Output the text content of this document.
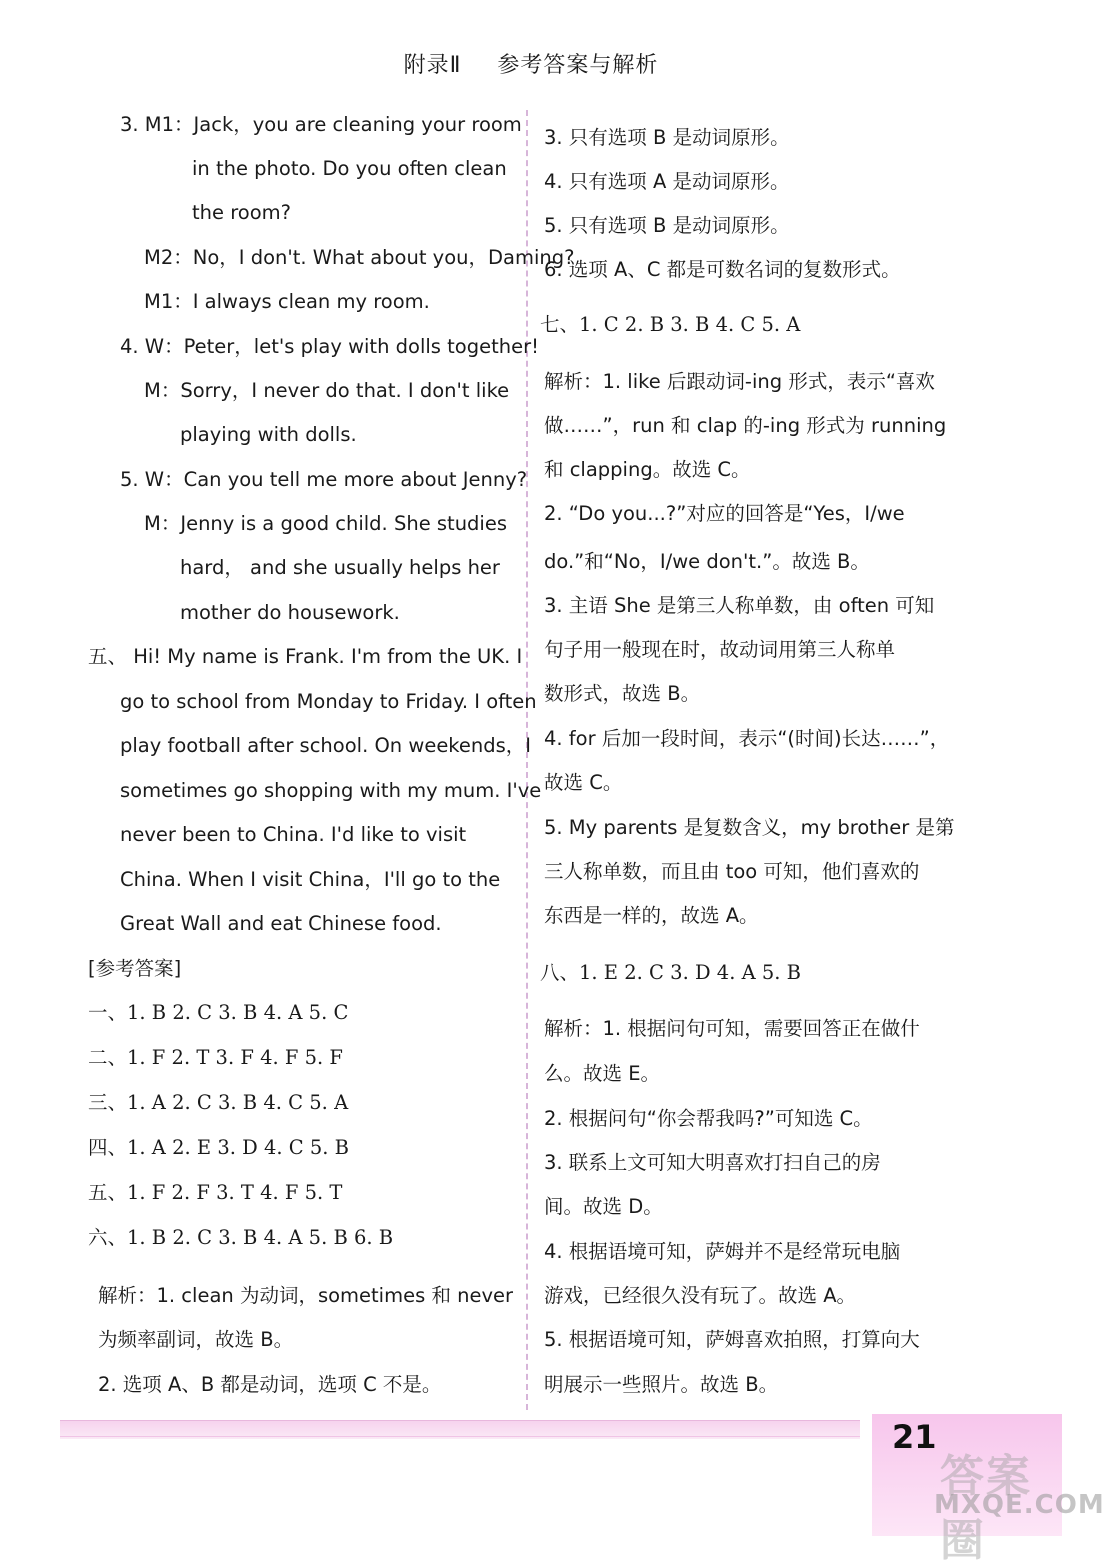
附录Ⅱ 参考答案与解析
3. M1：Jack，you are cleaning your room
in the photo. Do you often clean
the room?
M2：No，I don't. What about you，Daming?
M1：I always clean my room.
4. W：Peter，let's play with dolls together!
M：Sorry，I never do that. I don't like
playing with dolls.
5. W：Can you tell me more about Jenny?
M：Jenny is a good child. She studies
hard， and she usually helps her
mother do housework.
五、 Hi! My name is Frank. I'm from the UK. I
go to school from Monday to Friday. I often
play football after school. On weekends，I
sometimes go shopping with my mum. I've
never been to China. I'd like to visit
China. When I visit China，I'll go to the
Great Wall and eat Chinese food.
[参考答案]
一、1. B 2. C 3. B 4. A 5. C
二、1. F 2. T 3. F 4. F 5. F
三、1. A 2. C 3. B 4. C 5. A
四、1. A 2. E 3. D 4. C 5. B
五、1. F 2. F 3. T 4. F 5. T
六、1. B 2. C 3. B 4. A 5. B 6. B
解析：1. clean 为动词，sometimes 和 never
为频率副词，故选 B。
2. 选项 A、B 都是动词，选项 C 不是。
3. 只有选项 B 是动词原形。
4. 只有选项 A 是动词原形。
5. 只有选项 B 是动词原形。
6. 选项 A、C 都是可数名词的复数形式。
七、1. C 2. B 3. B 4. C 5. A
解析：1. like 后跟动词-ing 形式，表示“喜欢
做……”，run 和 clap 的-ing 形式为 running
和 clapping。故选 C。
2. “Do you...?”对应的回答是“Yes，I/we
do.”和“No，I/we don't.”。故选 B。
3. 主语 She 是第三人称单数，由 often 可知
句子用一般现在时，故动词用第三人称单
数形式，故选 B。
4. for 后加一段时间，表示“(时间)长达……”，
故选 C。
5. My parents 是复数含义，my brother 是第
三人称单数，而且由 too 可知，他们喜欢的
东西是一样的，故选 A。
八、1. E 2. C 3. D 4. A 5. B
解析：1. 根据问句可知，需要回答正在做什
么。故选 E。
2. 根据问句“你会帮我吗?”可知选 C。
3. 联系上文可知大明喜欢打扫自己的房
间。故选 D。
4. 根据语境可知，萨姆并不是经常玩电脑
游戏，已经很久没有玩了。故选 A。
5. 根据语境可知，萨姆喜欢拍照，打算向大
明展示一些照片。故选 B。
21
答案圈
MXQE.COM
